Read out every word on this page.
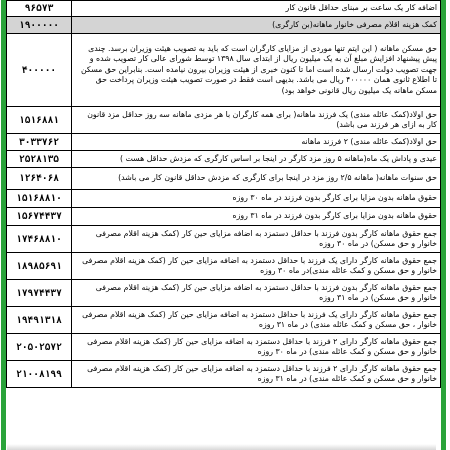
اضافه کار یک ساعت بر مبنای حداقل قانون کار	۹۶۵۷۳
کمک هزینه اقلام مصرفی خانوار ماهانه(بن کارگری)	۱۹۰۰۰۰۰
حق مسکن ماهانه ( این ایتم تنها موردی از مزایای کارگران است که باید به تصویب هیئت وزیران برسد. چندی پیش پیشنهاد افزایش مبلغ آن به یک میلیون ریال از ابتدای سال ۱۳۹۸ توسط شورای عالی کار تصویب شده و جهت تصویب دولت ارسال شده است اما تا کنون خبری از هیئت وزیران بیرون نیامده است. بنابراین حق مسکن تا اطلاع ثانوی همان ۴۰۰۰۰۰ ریال می باشد. بدیهی است فقط در صورت تصویب هیئت وزیران پرداخت حق مسکن ماهانه یک میلیون ریال قانونی خواهد بود)	۴۰۰۰۰۰
حق اولاد(کمک عائله مندی) یک فرزند ماهانه( برای همه کارگران با هر مزدی ماهانه سه روز حداقل مزد قانون کار به ازای هر فرزند می باشد)	۱۵۱۶۸۸۱
حق اولاد(کمک عائله مندی) ۲ فرزند ماهانه	۳۰۳۳۷۶۲
عیدی و پاداش یک ماه(ماهانه ۵ روز مزد کارگر در اینجا بر اساس کارگری که مزدش حداقل هست )	۲۵۲۸۱۳۵
حق سنوات ماهانه( ماهانه ۲/۵ روز مزد در اینجا برای کارگری که مزدش حداقل قانون کار می باشد)	۱۲۶۴۰۶۸
حقوق ماهانه بدون مزایا برای کارگر بدون فرزند در ماه ۳۰ روزه	۱۵۱۶۸۸۱۰
حقوق ماهانه بدون مزایا برای کارگر بدون فرزند در ماه ۳۱ روزه	۱۵۶۷۴۴۳۷
جمع حقوق ماهانه کارگر بدون فرزند با حداقل دستمزد به اضافه مزایای حین کار (کمک هزینه اقلام مصرفی خانوار و حق مسکن) در ماه ۳۰ روزه	۱۷۴۶۸۸۱۰
جمع حقوق ماهانه کارگر دارای یک فرزند با حداقل دستمزد به اضافه مزایای حین کار (کمک هزینه اقلام مصرفی خانوار و حق مسکن و کمک عائله مندی)در ماه ۳۰ روزه	۱۸۹۸۵۶۹۱
جمع حقوق ماهانه کارگر بدون فرزند با حداقل دستمزد به اضافه مزایای حین کار (کمک هزینه اقلام مصرفی خانوار و حق مسکن) در ماه ۳۱ روزه	۱۷۹۷۴۴۳۷
جمع حقوق ماهانه کارگر دارای یک فرزند با حداقل دستمزد به اضافه مزایای حین کار (کمک هزینه اقلام مصرفی خانوار ، حق مسکن و کمک عائله مندی) در ماه ۳۱ روزه	۱۹۴۹۱۳۱۸
جمع حقوق ماهانه کارگر دارای ۲ فرزند با حداقل دستمزد به اضافه مزایای حین کار (کمک هزینه اقلام مصرفی خانوار و حق مسکن و کمک عائله مندی) در ماه ۳۰ روزه	۲۰۵۰۲۵۷۲
جمع حقوق ماهانه کارگر دارای ۲ فرزند با حداقل دستمزد به اضافه مزایای حین کار (کمک هزینه اقلام مصرفی خانوار و حق مسکن و کمک عائله مندی) در ماه ۳۱ روزه	۲۱۰۰۸۱۹۹
